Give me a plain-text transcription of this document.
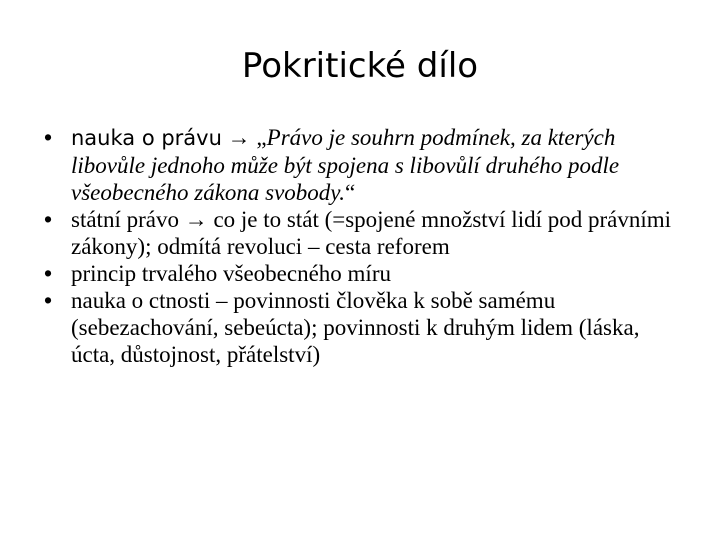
Pokritické dílo
• nauka o právu → „Právo je souhrn podmínek, za kterých libovůle jednoho může být spojena s libovůlí druhého podle všeobecného zákona svobody.“
• státní právo → co je to stát (=spojené množství lidí pod právními zákony); odmítá revoluci – cesta reforem
• princip trvalého všeobecného míru
• nauka o ctnosti – povinnosti člověka k sobě samému (sebezachování, sebeúcta); povinnosti k druhým lidem (láska, úcta, důstojnost, přátelství)
